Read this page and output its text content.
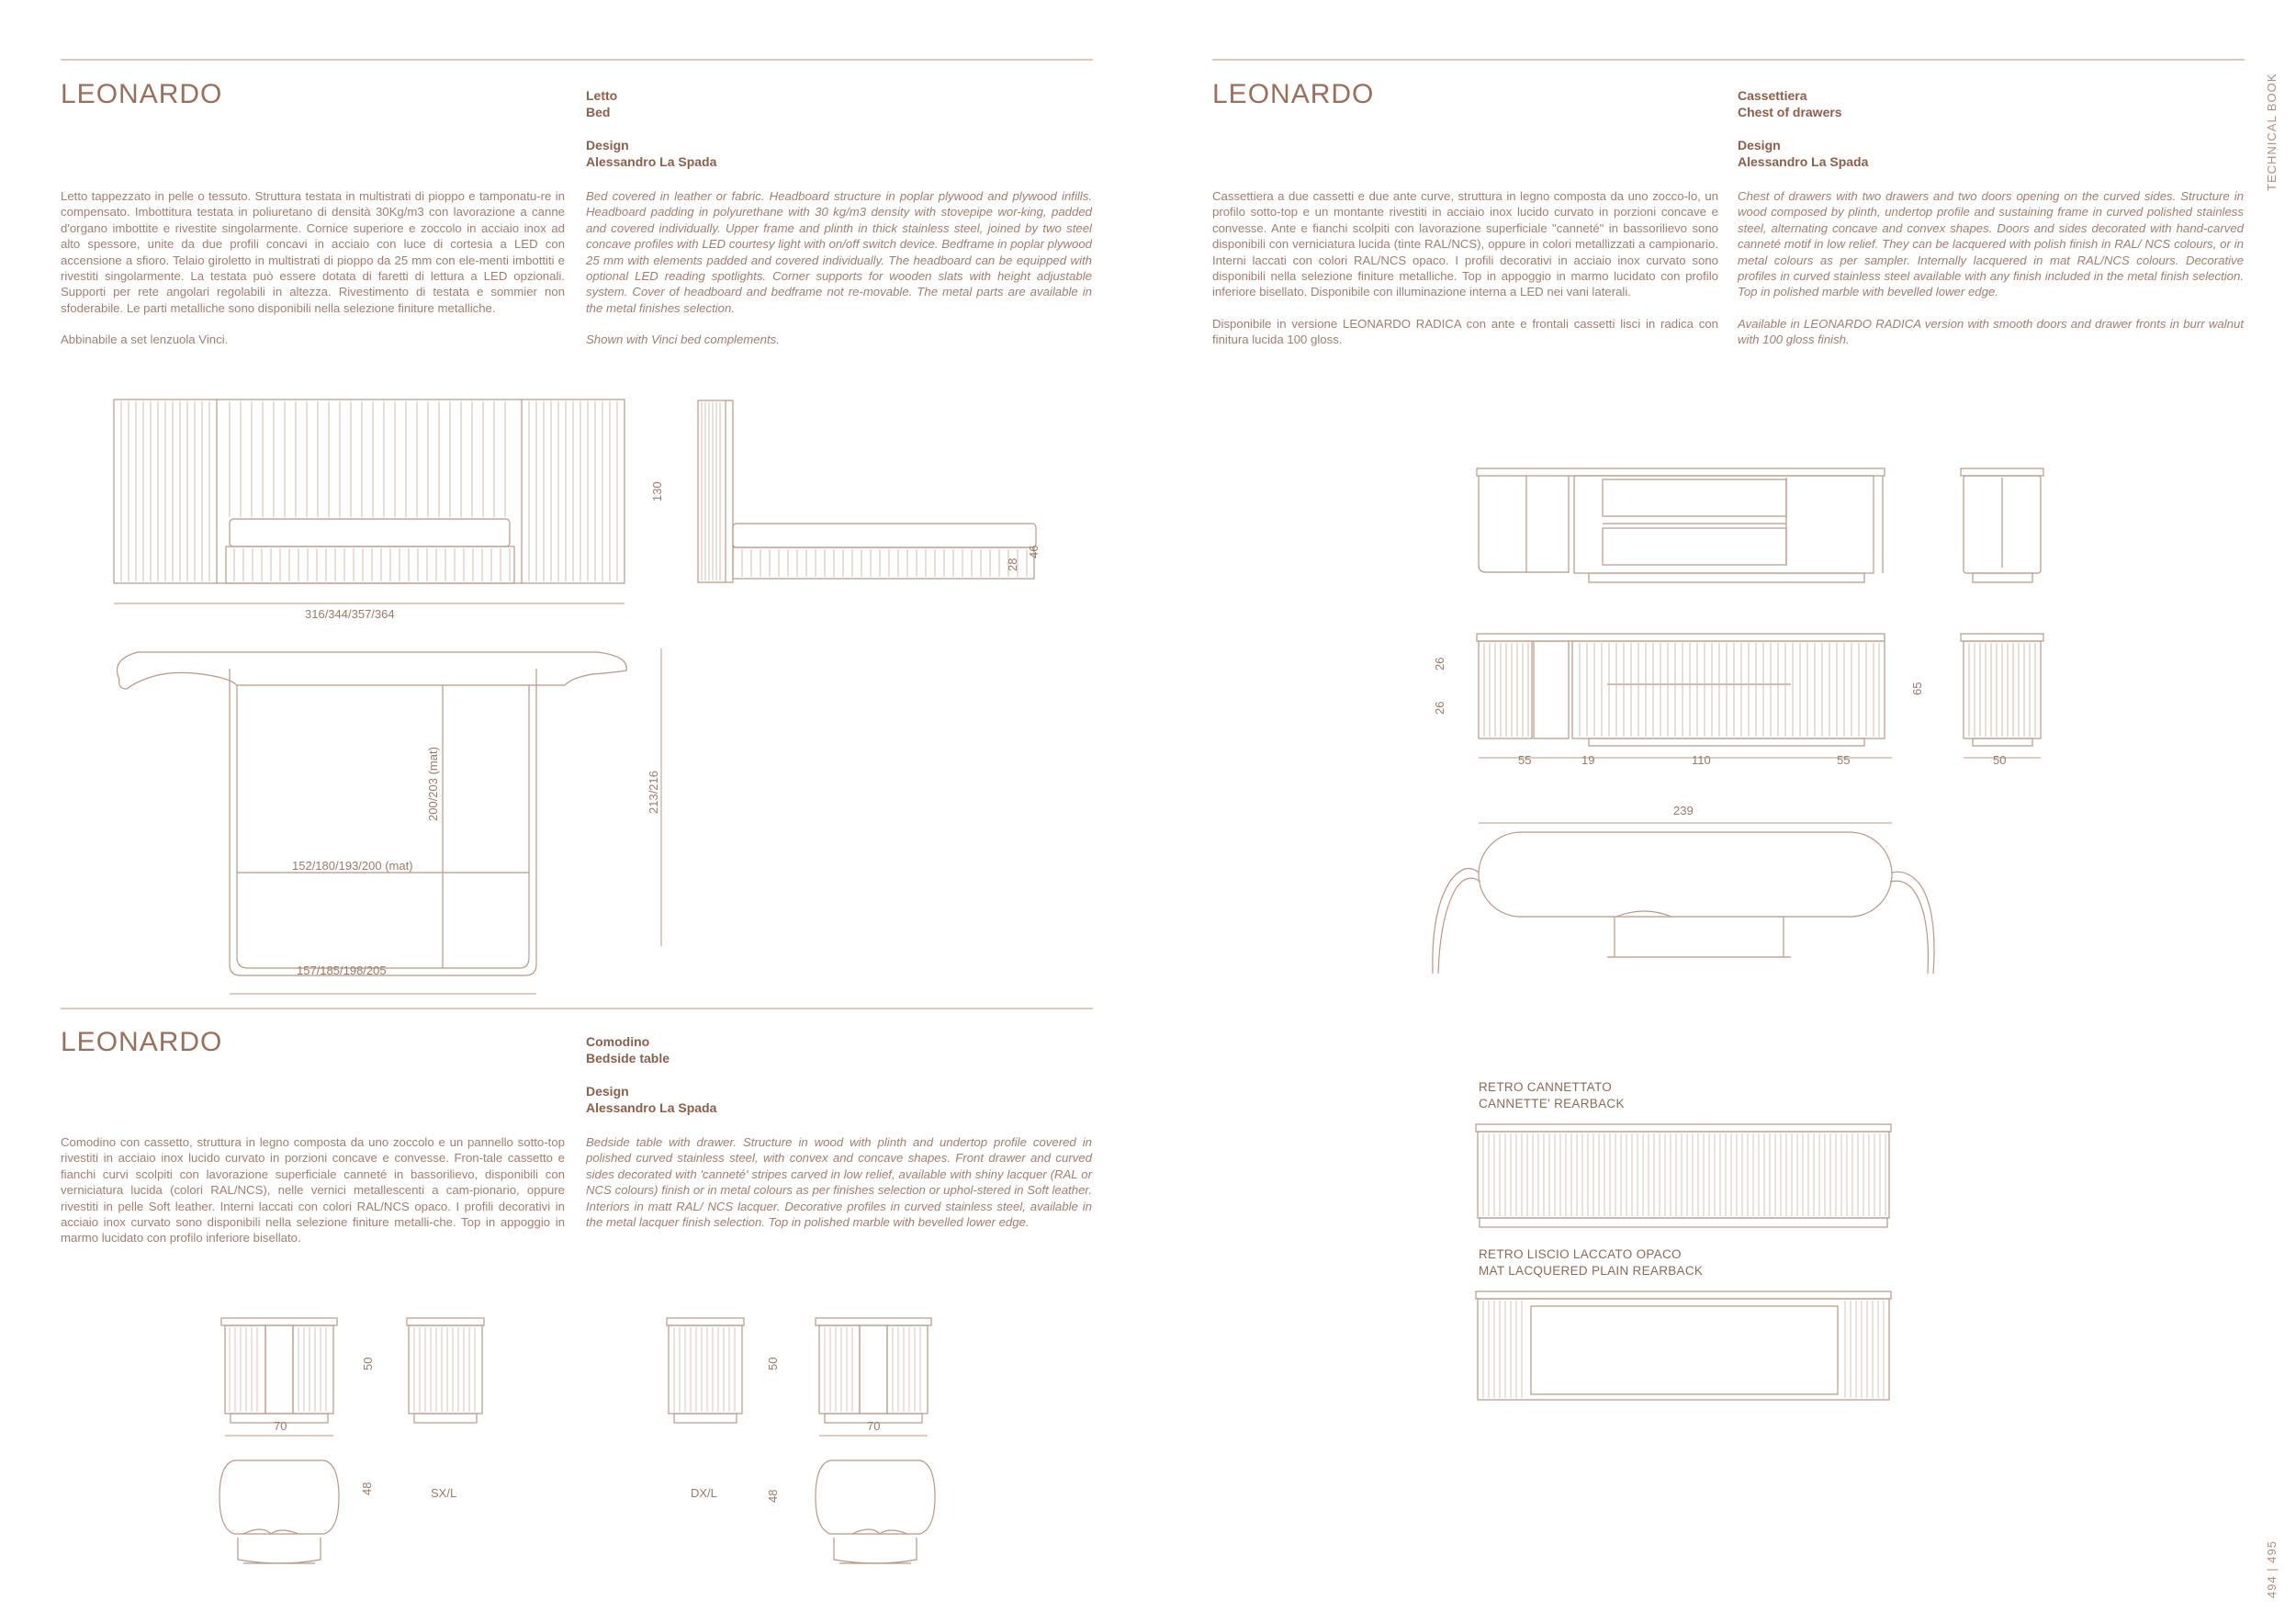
TECHNICAL BOOK
494 | 495
LEONARDO	Letto
Bed
Design
Alessandro La Spada

Letto tappezzato in pelle o tessuto. Struttura testata in multistrati di pioppo e tamponatu-re in compensato. Imbottitura testata in poliuretano di densità 30Kg/m3 con lavorazione a canne d'organo imbottite e rivestite singolarmente. Cornice superiore e zoccolo in acciaio inox ad alto spessore, unite da due profili concavi in acciaio con luce di cortesia a LED con accensione a sfioro. Telaio giroletto in multistrati di pioppo da 25 mm con ele-menti imbottiti e rivestiti singolarmente. La testata può essere dotata di faretti di lettura a LED opzionali. Supporti per rete angolari regolabili in altezza. Rivestimento di testata e sommier non sfoderabile. Le parti metalliche sono disponibili nella selezione finiture metalliche.

Abbinabile a set lenzuola Vinci.

Bed covered in leather or fabric. Headboard structure in poplar plywood and plywood infills. Headboard padding in polyurethane with 30 kg/m3 density with stovepipe wor-king, padded and covered individually. Upper frame and plinth in thick stainless steel, joined by two steel concave profiles with LED courtesy light with on/off switch device. Bedframe in poplar plywood 25 mm with elements padded and covered individually. The headboard can be equipped with optional LED reading spotlights. Corner supports for wooden slats with height adjustable system. Cover of headboard and bedframe not re-movable. The metal parts are available in the metal finishes selection.

Shown with Vinci bed complements.

316/344/357/364
130
28
46
213/216
200/203 (mat)
152/180/193/200 (mat)
157/185/198/205
LEONARDO	Cassettiera
Chest of drawers
Design
Alessandro La Spada

Cassettiera a due cassetti e due ante curve, struttura in legno composta da uno zocco-lo, un profilo sotto-top e un montante rivestiti in acciaio inox lucido curvato in porzioni concave e convesse. Ante e fianchi scolpiti con lavorazione superficiale "canneté" in bassorilievo sono disponibili con verniciatura lucida (tinte RAL/NCS), oppure in colori metallizzati a campionario. Interni laccati con colori RAL/NCS opaco. I profili decorativi in acciaio inox curvato sono disponibili nella selezione finiture metalliche. Top in appoggio in marmo lucidato con profilo inferiore bisellato. Disponibile con illuminazione interna a LED nei vani laterali.

Disponibile in versione LEONARDO RADICA con ante e frontali cassetti lisci in radica con finitura lucida 100 gloss.

Chest of drawers with two drawers and two doors opening on the curved sides. Structure in wood composed by plinth, undertop profile and sustaining frame in curved polished stainless steel, alternating concave and convex shapes. Doors and sides decorated with hand-carved canneté motif in low relief. They can be lacquered with polish finish in RAL/ NCS colours, or in metal colours as per sampler. Internally lacquered in mat RAL/NCS colours. Decorative profiles in curved stainless steel available with any finish included in the metal finish selection. Top in polished marble with bevelled lower edge.

Available in LEONARDO RADICA version with smooth doors and drawer fronts in burr walnut with 100 gloss finish.

26
26
65
55	19	110	55	50
239
RETRO CANNETTATO
CANNETTE' REARBACK
RETRO LISCIO LACCATO OPACO
MAT LACQUERED PLAIN REARBACK
LEONARDO	Comodino
Bedside table
Design
Alessandro La Spada

Comodino con cassetto, struttura in legno composta da uno zoccolo e un pannello sotto-top rivestiti in acciaio inox lucido curvato in porzioni concave e convesse. Fron-tale cassetto e fianchi curvi scolpiti con lavorazione superficiale canneté in bassorilievo, disponibili con verniciatura lucida (colori RAL/NCS), nelle vernici metallescenti a cam-pionario, oppure rivestiti in pelle Soft leather. Interni laccati con colori RAL/NCS opaco. I profili decorativi in acciaio inox curvato sono disponibili nella selezione finiture metalli-che. Top in appoggio in marmo lucidato con profilo inferiore bisellato.

Bedside table with drawer. Structure in wood with plinth and undertop profile covered in polished curved stainless steel, with convex and concave shapes. Front drawer and curved sides decorated with 'canneté' stripes carved in low relief, available with shiny lacquer (RAL or NCS colours) finish or in metal colours as per finishes selection or uphol-stered in Soft leather. Interiors in matt RAL/ NCS lacquer. Decorative profiles in curved stainless steel, available in the metal lacquer finish selection. Top in polished marble with bevelled lower edge.

50
70
48	SX/L
50
70
48
DX/L
